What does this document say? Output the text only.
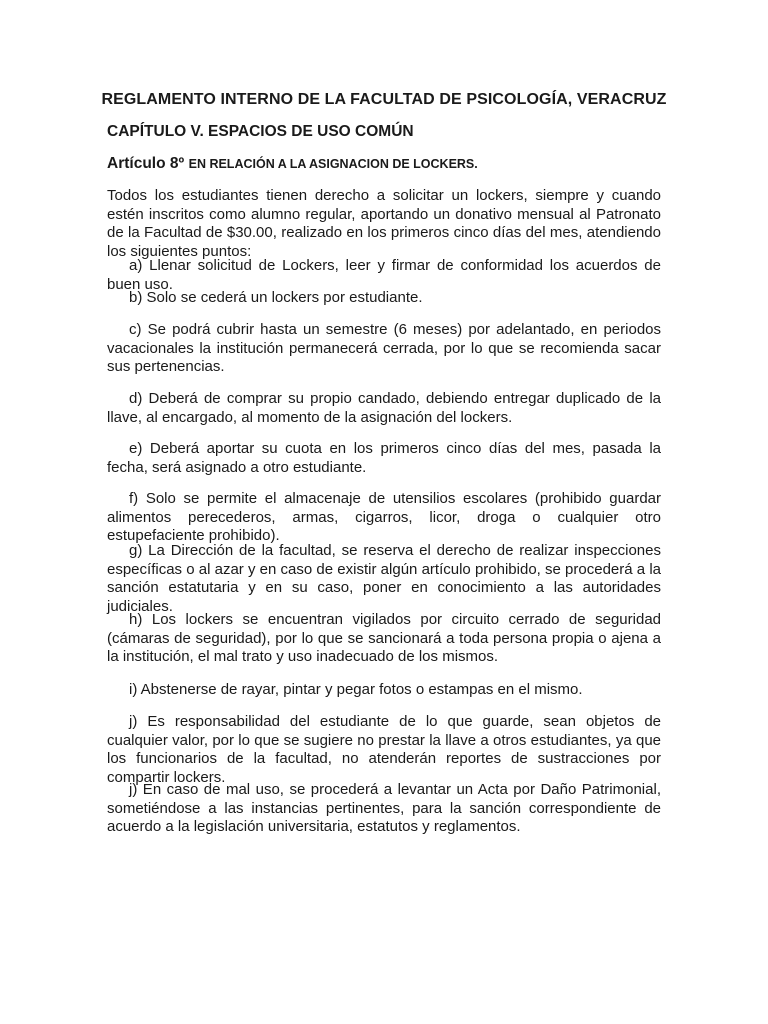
REGLAMENTO INTERNO DE LA FACULTAD DE PSICOLOGÍA, VERACRUZ
CAPÍTULO V. ESPACIOS DE USO COMÚN
Artículo 8º EN RELACIÓN A LA ASIGNACION DE LOCKERS.

Todos los estudiantes tienen derecho a solicitar un lockers, siempre y cuando estén inscritos como alumno regular, aportando un donativo mensual al Patronato de la Facultad de $30.00, realizado en los primeros cinco días del mes, atendiendo los siguientes puntos:

a) Llenar solicitud de Lockers, leer y firmar de conformidad los acuerdos de buen uso.

b) Solo se cederá un lockers por estudiante.

c) Se podrá cubrir hasta un semestre (6 meses) por adelantado, en periodos vacacionales la institución permanecerá cerrada, por lo que se recomienda sacar sus pertenencias.

d) Deberá de comprar su propio candado, debiendo entregar duplicado de la llave, al encargado, al momento de la asignación del lockers.

e) Deberá aportar su cuota en los primeros cinco días del mes, pasada la fecha, será asignado a otro estudiante.

f) Solo se permite el almacenaje de utensilios escolares (prohibido guardar alimentos perecederos, armas, cigarros, licor, droga o cualquier otro estupefaciente prohibido).

g) La Dirección de la facultad, se reserva el derecho de realizar inspecciones específicas o al azar y en caso de existir algún artículo prohibido, se procederá a la sanción estatutaria y en su caso, poner en conocimiento a las autoridades judiciales.

h) Los lockers se encuentran vigilados por circuito cerrado de seguridad (cámaras de seguridad), por lo que se sancionará a toda persona propia o ajena a la institución, el mal trato y uso inadecuado de los mismos.

i) Abstenerse de rayar, pintar y pegar fotos o estampas en el mismo.

j) Es responsabilidad del estudiante de lo que guarde, sean objetos de cualquier valor, por lo que se sugiere no prestar la llave a otros estudiantes, ya que los funcionarios de la facultad, no atenderán reportes de sustracciones por compartir lockers.

j) En caso de mal uso, se procederá a levantar un Acta por Daño Patrimonial, sometiéndose a las instancias pertinentes, para la sanción correspondiente de acuerdo a la legislación universitaria, estatutos y reglamentos.
